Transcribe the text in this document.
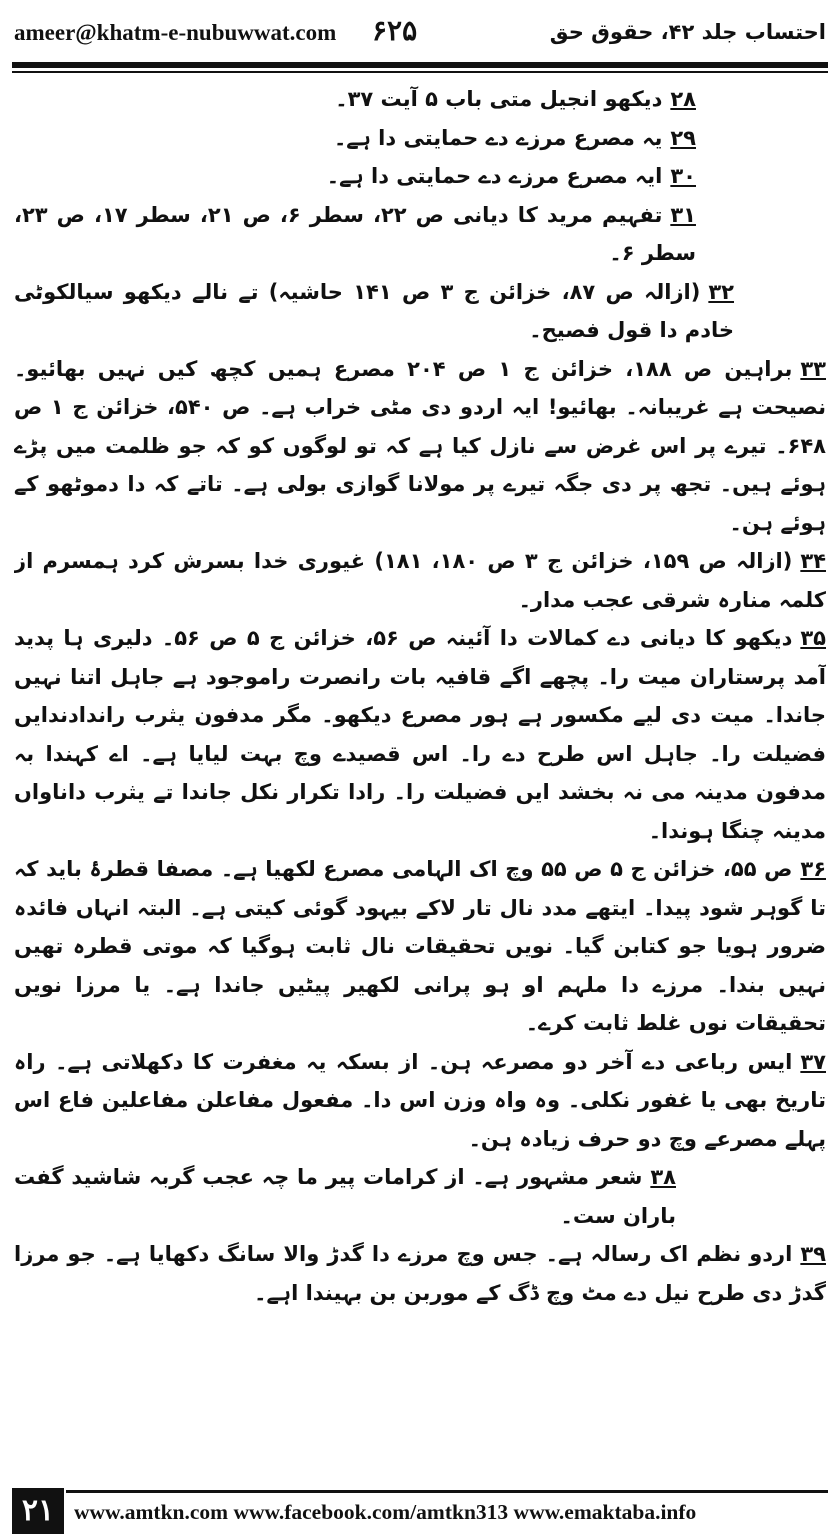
ameer@khatm-e-nubuwwat.com ۶۲۵	احتساب جلد ۴۲، حقوق حق

۲۸دیکھو انجیل متی باب ۵ آیت ۳۷۔

۲۹یہ مصرع مرزے دے حمایتی دا ہے۔

۳۰ایہ مصرع مرزے دے حمایتی دا ہے۔

۳۱تفہیم مرید کا دیانی ص ۲۲، سطر ۶، ص ۲۱، سطر ۱۷، ص ۲۳، سطر ۶۔

۳۲(ازالہ ص ۸۷، خزائن ج ۳ ص ۱۴۱ حاشیہ) تے نالے دیکھو سیالکوٹی خادم دا قول فصیح۔

۳۳براہین ص ۱۸۸، خزائن ج ۱ ص ۲۰۴ مصرع ہمیں کچھ کیں نہیں بھائیو۔ نصیحت ہے غریبانہ۔ بھائیو! ایہ اردو دی مٹی خراب ہے۔ ص ۵۴۰، خزائن ج ۱ ص ۶۴۸۔ تیرے پر اس غرض سے نازل کیا ہے کہ تو لوگوں کو کہ جو ظلمت میں پڑے ہوئے ہیں۔ تجھ پر دی جگہ تیرے پر مولانا گوازی بولی ہے۔ تاتے کہ دا دموٹھو کے ہوئے ہن۔

۳۴(ازالہ ص ۱۵۹، خزائن ج ۳ ص ۱۸۰، ۱۸۱) غیوری خدا بسرش کرد ہمسرم از کلمہ منارہ شرقی عجب مدار۔

۳۵دیکھو کا دیانی دے کمالات دا آئینہ ص ۵۶، خزائن ج ۵ ص ۵۶۔ دلیری ہا پدید آمد پرستاران میت را۔ پچھے اگے قافیہ بات رانصرت راموجود ہے جاہل اتنا نہیں جاندا۔ میت دی لیے مکسور ہے ہور مصرع دیکھو۔ مگر مدفون یثرب راندادندایں فضیلت را۔ جاہل اس طرح دے را۔ اس قصیدے وچ بہت لیایا ہے۔ اے کہندا بہ مدفون مدینہ می نہ بخشد ایں فضیلت را۔ رادا تکرار نکل جاندا تے یثرب داناواں مدینہ چنگا ہوندا۔

۳۶ص ۵۵، خزائن ج ۵ ص ۵۵ وچ اک الہامی مصرع لکھیا ہے۔ مصفا قطرۂ باید کہ تا گوہر شود پیدا۔ ایتھے مدد نال تار لاکے بیہود گوئی کیتی ہے۔ البتہ انہاں فائدہ ضرور ہویا جو کتابن گیا۔ نویں تحقیقات نال ثابت ہوگیا کہ موتی قطرہ تھیں نہیں بندا۔ مرزے دا ملہم او ہو پرانی لکھیر پیٹیں جاندا ہے۔ یا مرزا نویں تحقیقات نوں غلط ثابت کرے۔

۳۷ایس رباعی دے آخر دو مصرعہ ہن۔ از بسکہ یہ مغفرت کا دکھلاتی ہے۔ راہ تاریخ بھی یا غفور نکلی۔ وہ واہ وزن اس دا۔ مفعول مفاعلن مفاعلین فاع اس پہلے مصرعے وچ دو حرف زیادہ ہن۔

۳۸شعر مشہور ہے۔ از کرامات پیر ما چہ عجب گربہ شاشید گفت باران ست۔

۳۹اردو نظم اک رسالہ ہے۔ جس وچ مرزے دا گدڑ والا سانگ دکھایا ہے۔ جو مرزا گدڑ دی طرح نیل دے مٹ وچ ڈگ کے موربن بن بہیندا اہے۔

۲۱ www.amtkn.com www.facebook.com/amtkn313 www.emaktaba.info
